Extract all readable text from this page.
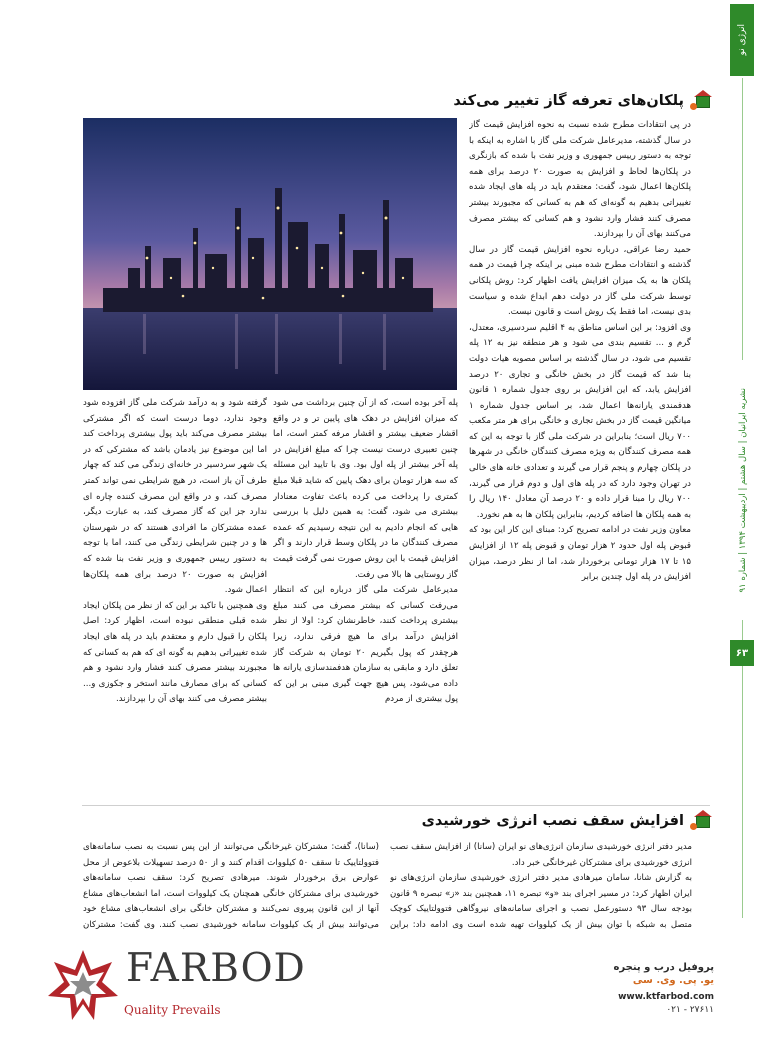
انرژی نو
نشریه ایرانیان | سال هشتم | اردیبهشت ۱۳۹۴ | شماره ۹۱
۶۳
پلکان‌های تعرفه گاز تغییر می‌کند

در پی انتقادات مطرح شده نسبت به نحوه افزایش قیمت گاز در سال گذشته، مدیرعامل شرکت ملی گاز با اشاره به اینکه با توجه به دستور رییس جمهوری و وزیر نفت با شده که بازنگری در پلکان‌ها لحاظ و افزایش به صورت ۲۰ درصد برای همه پلکان‌ها اعمال شود، گفت: معتقدم باید در پله های ایجاد شده تغییراتی بدهیم به گونه‌ای که هم به کسانی که مجبورند بیشتر مصرف کنند فشار وارد نشود و هم کسانی که بیشتر مصرف می‌کنند بهای آن را بپردازند.

حمید رضا عراقی، درباره نحوه افزایش قیمت گاز در سال گذشته و انتقادات مطرح شده مبنی بر اینکه چرا قیمت در همه پلکان ها به یک میزان افزایش یافت اظهار کرد: روش پلکانی توسط شرکت ملی گاز در دولت دهم ابداع شده و سیاست بدی نیست، اما فقط یک روش است و قانون نیست.

وی افزود: بر این اساس مناطق به ۴ اقلیم سردسیری، معتدل، گرم و ... تقسیم بندی می شود و هر منطقه نیز به ۱۲ پله تقسیم می شود، در سال گذشته بر اساس مصوبه هیات دولت بنا شد که قیمت گاز در بخش خانگی و تجاری ۲۰ درصد افزایش یابد، که این افزایش بر روی جدول شماره ۱ قانون هدفمندی یارانه‌ها اعمال شد، بر اساس جدول شماره ۱ میانگین قیمت گاز در بخش تجاری و خانگی برای هر متر مکعب ۷۰۰ ریال است؛ بنابراین در شرکت ملی گاز با توجه به این که همه مصرف کنندگان به ویژه مصرف کنندگان خانگی در شهرها در پلکان چهارم و پنجم قرار می گیرند و تعدادی خانه های خالی در تهران وجود دارد که در پله های اول و دوم قرار می گیرند، ۷۰۰ ریال را مبنا قرار داده و ۲۰ درصد آن معادل ۱۴۰ ریال را به همه پلکان ها اضافه کردیم، بنابراین پلکان ها به هم نخورد.

معاون وزیر نفت در ادامه تصریح کرد: مبنای این کار این بود که قبوض پله اول حدود ۲ هزار تومان و قبوض پله ۱۲ از افزایش ۱۵ تا ۱۷ هزار تومانی برخوردار شد، اما از نظر درصد، میزان افزایش در پله اول چندین برابر

پله آخر بوده است، که از آن چنین برداشت می شود که میزان افزایش در دهک های پایین تر و در واقع اقشار ضعیف بیشتر و اقشار مرفه کمتر است، اما چنین تعبیری درست نیست چرا که مبلغ افزایش در پله آخر بیشتر از پله اول بود. وی با تایید این مسئله که سه هزار تومان برای دهک پایین که شاید قبلا مبلغ کمتری را پرداخت می کرده باعث تفاوت معنادار بیشتری می شود، گفت: به همین دلیل با بررسی هایی که انجام دادیم به این نتیجه رسیدیم که عمده مصرف کنندگان ما در پلکان وسط قرار دارند و اگر افزایش قیمت با این روش صورت نمی گرفت قیمت گاز روستایی ها بالا می رفت.

مدیرعامل شرکت ملی گاز درباره این که انتظار می‌رفت کسانی که بیشتر مصرف می کنند مبلغ بیشتری پرداخت کنند، خاطرنشان کرد: اولا از نظر افزایش درآمد برای ما هیچ فرقی ندارد، زیرا هرچقدر که پول بگیریم ۲۰ تومان به شرکت گاز تعلق دارد و مابقی به سازمان هدفمندسازی یارانه ها داده می‌شود، پس هیچ جهت گیری مبنی بر این که پول بیشتری از مردم

گرفته شود و به درآمد شرکت ملی گاز افزوده شود وجود ندارد، دوما درست است که اگر مشترکی بیشتر مصرف می‌کند باید پول بیشتری پرداخت کند اما این موضوع نیز یادمان باشد که مشترکی که در یک شهر سردسیر در خانه‌ای زندگی می کند که چهار طرف آن باز است، در هیچ شرایطی نمی تواند کمتر مصرف کند، و در واقع این مصرف کننده چاره ای ندارد جز این که گاز مصرف کند، به عبارت دیگر، عمده مشترکان ما افرادی هستند که در شهرستان ها و در چنین شرایطی زندگی می کنند، اما با توجه به دستور رییس جمهوری و وزیر نفت بنا شده که افزایش به صورت ۲۰ درصد برای همه پلکان‌ها اعمال شود.

وی همچنین با تاکید بر این که از نظر من پلکان ایجاد شده قبلی منطقی نبوده است، اظهار کرد: اصل پلکان را قبول دارم و معتقدم باید در پله های ایجاد شده تغییراتی بدهیم به گونه ای که هم به کسانی که مجبورند بیشتر مصرف کنند فشار وارد نشود و هم کسانی که برای مصارف مانند استخر و جکوزی و... بیشتر مصرف می کنند بهای آن را بپردازند.

افزایش سقف نصب انرژی خورشیدی

مدیر دفتر انرژی خورشیدی سازمان انرژی‌های نو ایران (سانا) از افزایش سقف نصب انرژی خورشیدی برای مشترکان غیرخانگی خبر داد.

به گزارش شانا، سامان میرهادی مدیر دفتر انرژی خورشیدی سازمان انرژی‌های نو ایران اظهار کرد: در مسیر اجرای بند «و» تبصره ۱۱، همچنین بند «ز» تبصره ۹ قانون بودجه سال ۹۳ دستورعمل نصب و اجرای سامانه‌های نیروگاهی فتوولتاییک کوچک متصل به شبکه با توان بیش از یک کیلووات تهیه شده است وی ادامه داد: براین

(سانا)، گفت: مشترکان غیرخانگی می‌توانند از این پس نسبت به نصب سامانه‌های فتوولتاییک تا سقف ۵۰ کیلووات اقدام کنند و از ۵۰ درصد تسهیلات بلاعوض از محل عوارض برق برخوردار شوند. میرهادی تصریح کرد: سقف نصب سامانه‌های خورشیدی برای مشترکان خانگی همچنان یک کیلووات است، اما انشعاب‌های مشاع آنها از این قانون پیروی نمی‌کنند و مشترکان خانگی برای انشعاب‌های مشاع خود می‌توانند بیش از یک کیلووات سامانه خورشیدی نصب کنند. وی گفت: مشترکان

FARBOD
Quality Prevails
پروفیل درب و پنجره
یو. پی. وی. سی
www.ktfarbod.com
۰۲۱ - ۲۷۶۱۱
